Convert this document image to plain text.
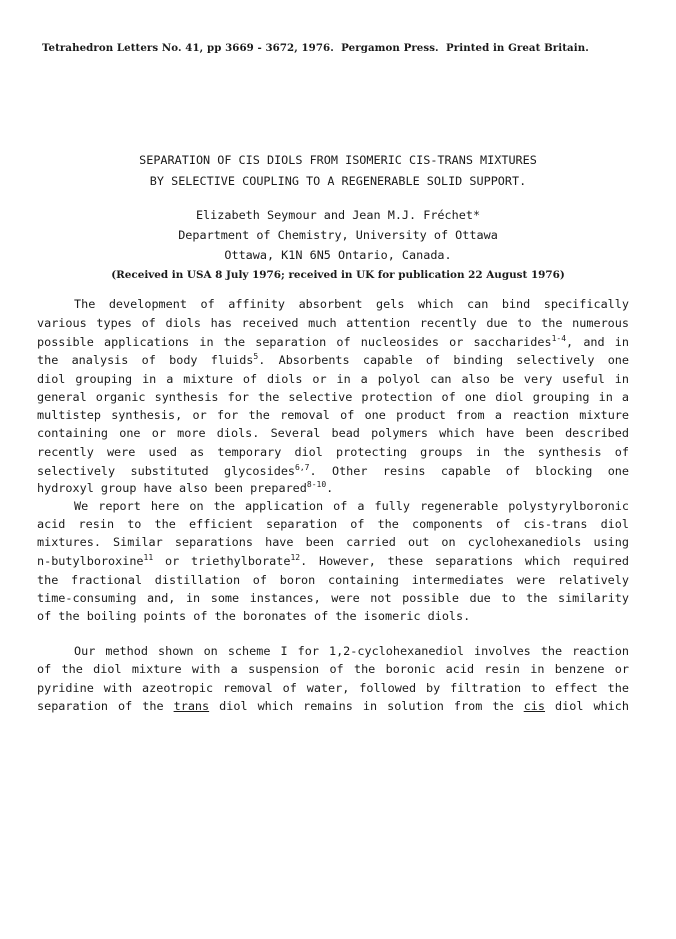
Tetrahedron Letters No. 41, pp 3669 - 3672, 1976.  Pergamon Press.  Printed in Great Britain.
SEPARATION OF CIS DIOLS FROM ISOMERIC CIS-TRANS MIXTURES
BY SELECTIVE COUPLING TO A REGENERABLE SOLID SUPPORT.
Elizabeth Seymour and Jean M.J. Fréchet*
Department of Chemistry, University of Ottawa
Ottawa, K1N 6N5 Ontario, Canada.
(Received in USA 8 July 1976; received in UK for publication 22 August 1976)
The development of affinity absorbent gels which can bind specifically
various types of diols has received much attention recently due to the numerous
possible applications in the separation of nucleosides or saccharides$^{1-4}$, and in
the analysis of body fluids$^5$. Absorbents capable of binding selectively one
diol grouping in a mixture of diols or in a polyol can also be very useful in
general organic synthesis for the selective protection of one diol grouping in a
multistep synthesis, or for the removal of one product from a reaction mixture
containing one or more diols. Several bead polymers which have been described
recently were used as temporary diol protecting groups in the synthesis of
selectively substituted glycosides$^{6,7}$. Other resins capable of blocking one
hydroxyl group have also been prepared$^{8-10}$.
We report here on the application of a fully regenerable polystyrylboronic
acid resin to the efficient separation of the components of cis-trans diol
mixtures. Similar separations have been carried out on cyclohexanediols using
n-butylboroxine$^{11}$ or triethylborate$^{12}$. However, these separations which required
the fractional distillation of boron containing intermediates were relatively
time-consuming and, in some instances, were not possible due to the similarity
of the boiling points of the boronates of the isomeric diols.
Our method shown on scheme I for 1,2-cyclohexanediol involves the reaction
of the diol mixture with a suspension of the boronic acid resin in benzene or
pyridine with azeotropic removal of water, followed by filtration to effect the
separation of the trans diol which remains in solution from the cis diol which
